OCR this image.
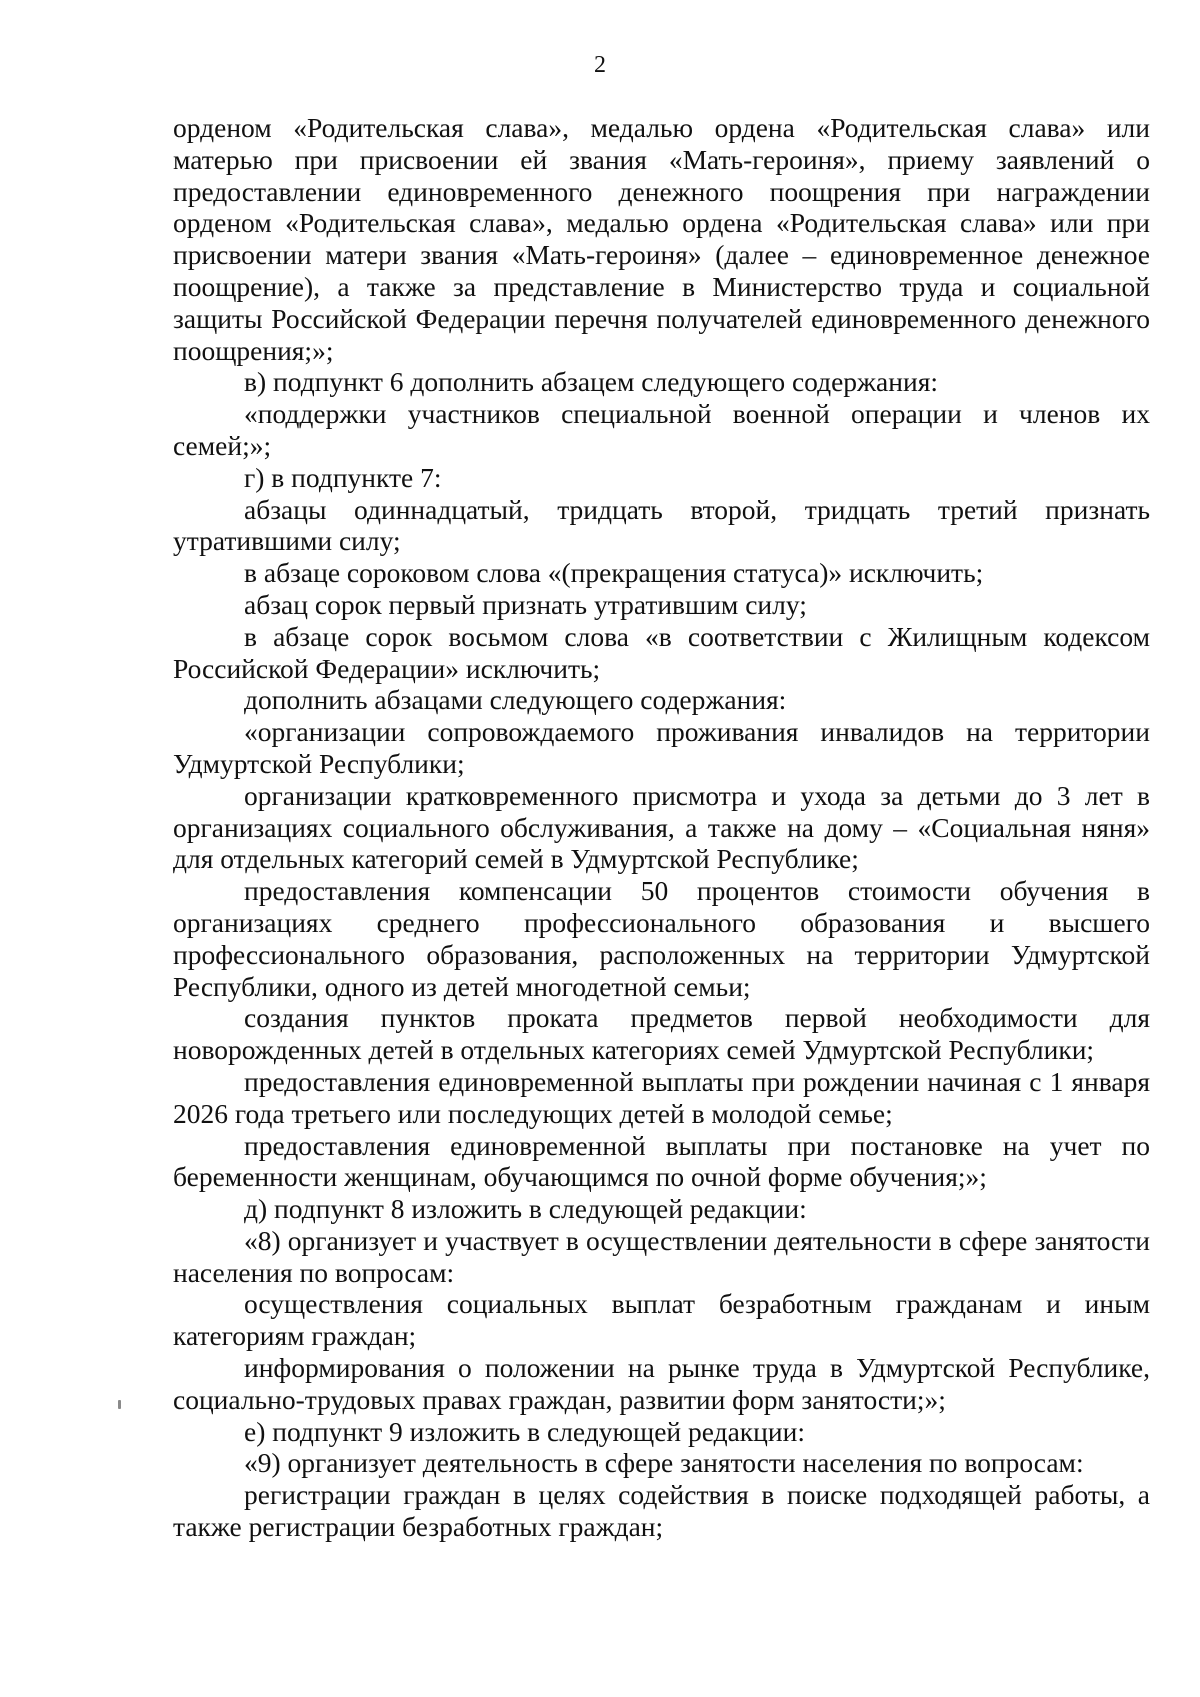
2

орденом «Родительская слава», медалью ордена «Родительская слава» или матерью при присвоении ей звания «Мать-героиня», приему заявлений о предоставлении единовременного денежного поощрения при награждении орденом «Родительская слава», медалью ордена «Родительская слава» или при присвоении матери звания «Мать-героиня» (далее – единовременное денежное поощрение), а также за представление в Министерство труда и социальной защиты Российской Федерации перечня получателей единовременного денежного поощрения;»;

в) подпункт 6 дополнить абзацем следующего содержания:

«поддержки участников специальной военной операции и членов их семей;»;

г) в подпункте 7:

абзацы одиннадцатый, тридцать второй, тридцать третий признать утратившими силу;

в абзаце сороковом слова «(прекращения статуса)» исключить;

абзац сорок первый признать утратившим силу;

в абзаце сорок восьмом слова «в соответствии с Жилищным кодексом Российской Федерации» исключить;

дополнить абзацами следующего содержания:

«организации сопровождаемого проживания инвалидов на территории Удмуртской Республики;

организации кратковременного присмотра и ухода за детьми до 3 лет в организациях социального обслуживания, а также на дому – «Социальная няня» для отдельных категорий семей в Удмуртской Республике;

предоставления компенсации 50 процентов стоимости обучения в организациях среднего профессионального образования и высшего профессионального образования, расположенных на территории Удмуртской Республики, одного из детей многодетной семьи;

создания пунктов проката предметов первой необходимости для новорожденных детей в отдельных категориях семей Удмуртской Республики;

предоставления единовременной выплаты при рождении начиная с 1 января 2026 года третьего или последующих детей в молодой семье;

предоставления единовременной выплаты при постановке на учет по беременности женщинам, обучающимся по очной форме обучения;»;

д) подпункт 8 изложить в следующей редакции:

«8) организует и участвует в осуществлении деятельности в сфере занятости населения по вопросам:

осуществления социальных выплат безработным гражданам и иным категориям граждан;

информирования о положении на рынке труда в Удмуртской Республике, социально-трудовых правах граждан, развитии форм занятости;»;

е) подпункт 9 изложить в следующей редакции:

«9) организует деятельность в сфере занятости населения по вопросам:

регистрации граждан в целях содействия в поиске подходящей работы, а также регистрации безработных граждан;
